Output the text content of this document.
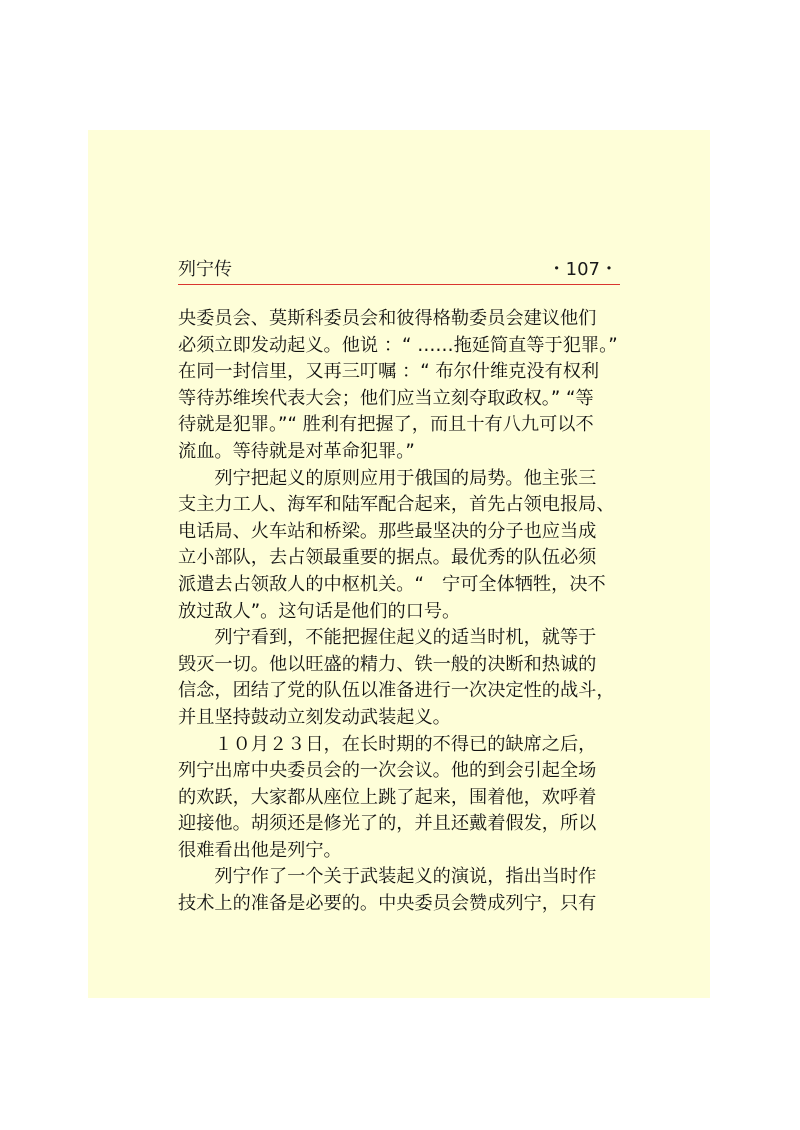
列宁传	・107・
央委员会、莫斯科委员会和彼得格勒委员会建议他们
必须立即发动起义。他说 ：“ ……拖延简直等于犯罪。”
在同一封信里，又再三叮嘱 ：“ 布尔什维克没有权利
等待苏维埃代表大会；他们应当立刻夺取政权。” “等
待就是犯罪。”“ 胜利有把握了，而且十有八九可以不
流血。等待就是对革命犯罪。”
　　列宁把起义的原则应用于俄国的局势。他主张三
支主力工人、海军和陆军配合起来，首先占领电报局、
电话局、火车站和桥梁。那些最坚决的分子也应当成
立小部队，去占领最重要的据点。最优秀的队伍必须
派遣去占领敌人的中枢机关。“　宁可全体牺牲，决不
放过敌人”。这句话是他们的口号。
　　列宁看到，不能把握住起义的适当时机，就等于
毁灭一切。他以旺盛的精力、铁一般的决断和热诚的
信念，团结了党的队伍以准备进行一次决定性的战斗，
并且坚持鼓动立刻发动武装起义。
　　１０月２３日，在长时期的不得已的缺席之后，
列宁出席中央委员会的一次会议。他的到会引起全场
的欢跃，大家都从座位上跳了起来，围着他，欢呼着
迎接他。胡须还是修光了的，并且还戴着假发，所以
很难看出他是列宁。
　　列宁作了一个关于武装起义的演说，指出当时作
技术上的准备是必要的。中央委员会赞成列宁，只有
